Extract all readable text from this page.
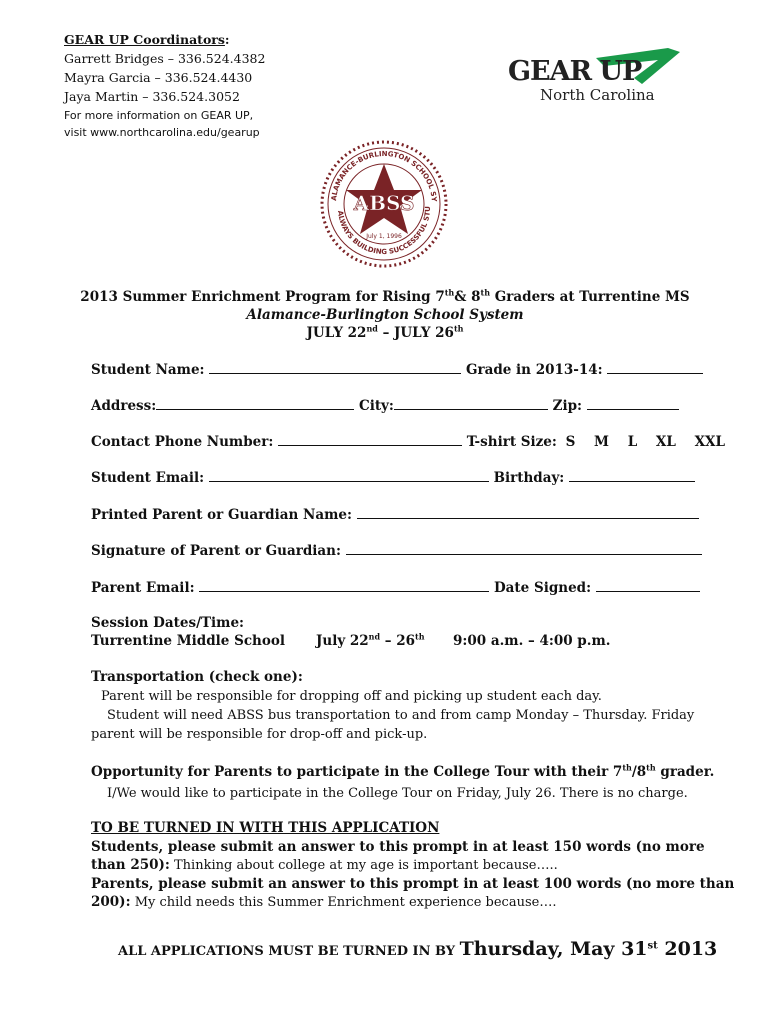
GEAR UP Coordinators:
Garrett Bridges – 336.524.4382
Mayra Garcia – 336.524.4430
Jaya Martin – 336.524.3052
For more information on GEAR UP,
visit www.northcarolina.edu/gearup
GEAR UP
North Carolina
ALAMANCE-BURLINGTON SCHOOL SY
ALWAYS BUILDING SUCCESSFUL STU
ABSS
July 1, 1996
2013 Summer Enrichment Program for Rising 7th& 8th Graders at Turrentine MS
Alamance-Burlington School System
JULY 22nd – JULY 26th
Student Name:	Grade in 2013-14:
Address:	City:	Zip:
Contact Phone Number:	T-shirt Size: S M L XL XXL
Student Email:	Birthday:
Printed Parent or Guardian Name:
Signature of Parent or Guardian:
Parent Email:	Date Signed:
Session Dates/Time:
Turrentine Middle School July 22nd – 26th 9:00 a.m. – 4:00 p.m.
Transportation (check one):
Parent will be responsible for dropping off and picking up student each day.
Student will need ABSS bus transportation to and from camp Monday – Thursday. Friday
parent will be responsible for drop-off and pick-up.
Opportunity for Parents to participate in the College Tour with their 7th/8th grader.
I/We would like to participate in the College Tour on Friday, July 26. There is no charge.
TO BE TURNED IN WITH THIS APPLICATION
Students, please submit an answer to this prompt in at least 150 words (no more
than 250): Thinking about college at my age is important because…..
Parents, please submit an answer to this prompt in at least 100 words (no more than
200): My child needs this Summer Enrichment experience because….
ALL APPLICATIONS MUST BE TURNED IN BY Thursday, May 31st 2013
